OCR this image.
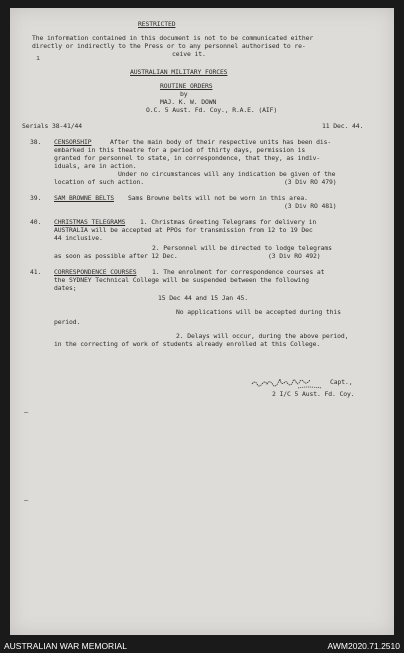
RESTRICTED
The information contained in this document is not to be communicated either
directly or indirectly to the Press or to any personnel authorised to re-
ceive it.
AUSTRALIAN MILITARY FORCES
ROUTINE ORDERS
by
MAJ. K. W. DOWN
O.C. 5 Aust. Fd. Coy., R.A.E. (AIF)
Serials 38-41/44	11 Dec. 44.
38. CENSORSHIP	After the main body of their respective units has been dis-
embarked in this theatre for a period of thirty days, permission is
granted for personnel to state, in correspondence, that they, as indiv-
iduals, are in action.
Under no circumstances will any indication be given of the
location of such action.	(3 Div RO 479)
39. SAM BROWNE BELTS Sams Browne belts will not be worn in this area.
(3 Div RO 481)
40. CHRISTMAS TELEGRAMS 1. Christmas Greeting Telegrams for delivery in
AUSTRALIA will be accepted at PPOs for transmission from 12 to 19 Dec
44 inclusive.
2. Personnel will be directed to lodge telegrams
as soon as possible after 12 Dec.	(3 Div RO 492)
41. CORRESPONDENCE COURSES 1. The enrolment for correspondence courses at
the SYDNEY Technical College will be suspended between the following
dates;
15 Dec 44 and 15 Jan 45.
No applications will be accepted during this
period.
2. Delays will occur, during the above period,
in the correcting of work of students already enrolled at this College.
Capt.,
2 I/C 5 Aust. Fd. Coy.
ı
–
–
AUSTRALIAN WAR MEMORIAL	AWM2020.71.2510
